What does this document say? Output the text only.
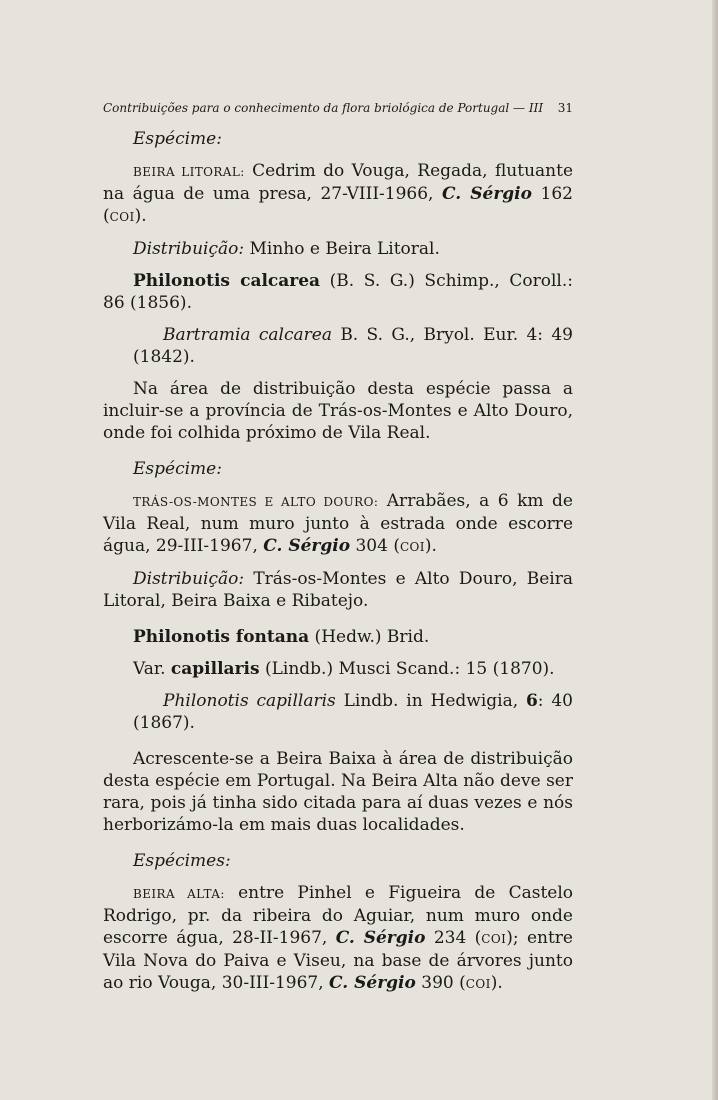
Contribuições para o conhecimento da flora briológica de Portugal — III 31

Espécime:

BEIRA LITORAL: Cedrim do Vouga, Regada, flutuante na água de uma presa, 27-VIII-1966, C. Sérgio 162 (COI).

Distribuição: Minho e Beira Litoral.

Philonotis calcarea (B. S. G.) Schimp., Coroll.: 86 (1856).

Bartramia calcarea B. S. G., Bryol. Eur. 4: 49 (1842).

Na área de distribuição desta espécie passa a incluir-se a província de Trás-os-Montes e Alto Douro, onde foi colhida próximo de Vila Real.

Espécime:

TRÁS-OS-MONTES E ALTO DOURO: Arrabães, a 6 km de Vila Real, num muro junto à estrada onde escorre água, 29-III-1967, C. Sérgio 304 (COI).

Distribuição: Trás-os-Montes e Alto Douro, Beira Litoral, Beira Baixa e Ribatejo.

Philonotis fontana (Hedw.) Brid.

Var. capillaris (Lindb.) Musci Scand.: 15 (1870).

Philonotis capillaris Lindb. in Hedwigia, 6: 40 (1867).

Acrescente-se a Beira Baixa à área de distribuição desta espécie em Portugal. Na Beira Alta não deve ser rara, pois já tinha sido citada para aí duas vezes e nós herborizámo-la em mais duas localidades.

Espécimes:

BEIRA ALTA: entre Pinhel e Figueira de Castelo Rodrigo, pr. da ribeira do Aguiar, num muro onde escorre água, 28-II-1967, C. Sérgio 234 (COI); entre Vila Nova do Paiva e Viseu, na base de árvores junto ao rio Vouga, 30-III-1967, C. Sérgio 390 (COI).
